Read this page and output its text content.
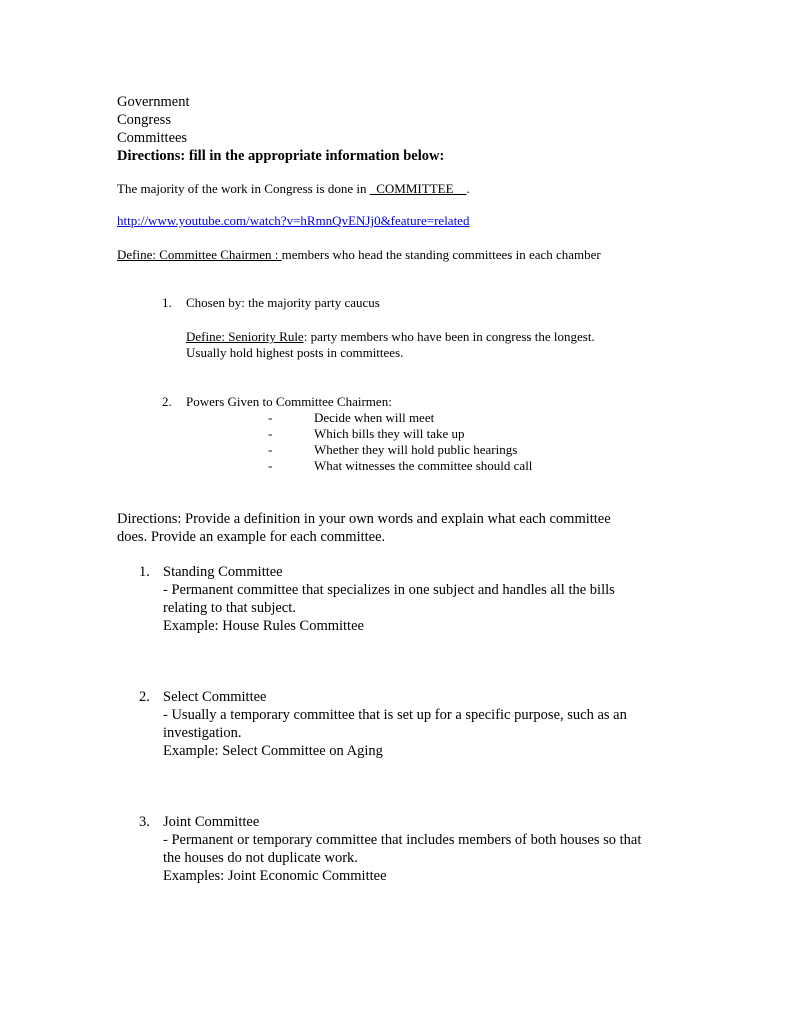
Government
Congress
Committees
Directions: fill in the appropriate information below:
The majority of the work in Congress is done in _COMMITTEE__.
http://www.youtube.com/watch?v=hRmnQvENJj0&feature=related
Define: Committee Chairmen : members who head the standing committees in each chamber
1. Chosen by: the majority party caucus
Define: Seniority Rule: party members who have been in congress the longest.
Usually hold highest posts in committees.
2. Powers Given to Committee Chairmen:
-	Decide when will meet
-	Which bills they will take up
-	Whether they will hold public hearings
-	What witnesses the committee should call
Directions: Provide a definition in your own words and explain what each committee
does. Provide an example for each committee.
1. Standing Committee
- Permanent committee that specializes in one subject and handles all the bills
relating to that subject.
Example: House Rules Committee
2. Select Committee
- Usually a temporary committee that is set up for a specific purpose, such as an
investigation.
Example: Select Committee on Aging
3. Joint Committee
- Permanent or temporary committee that includes members of both houses so that
the houses do not duplicate work.
Examples: Joint Economic Committee
